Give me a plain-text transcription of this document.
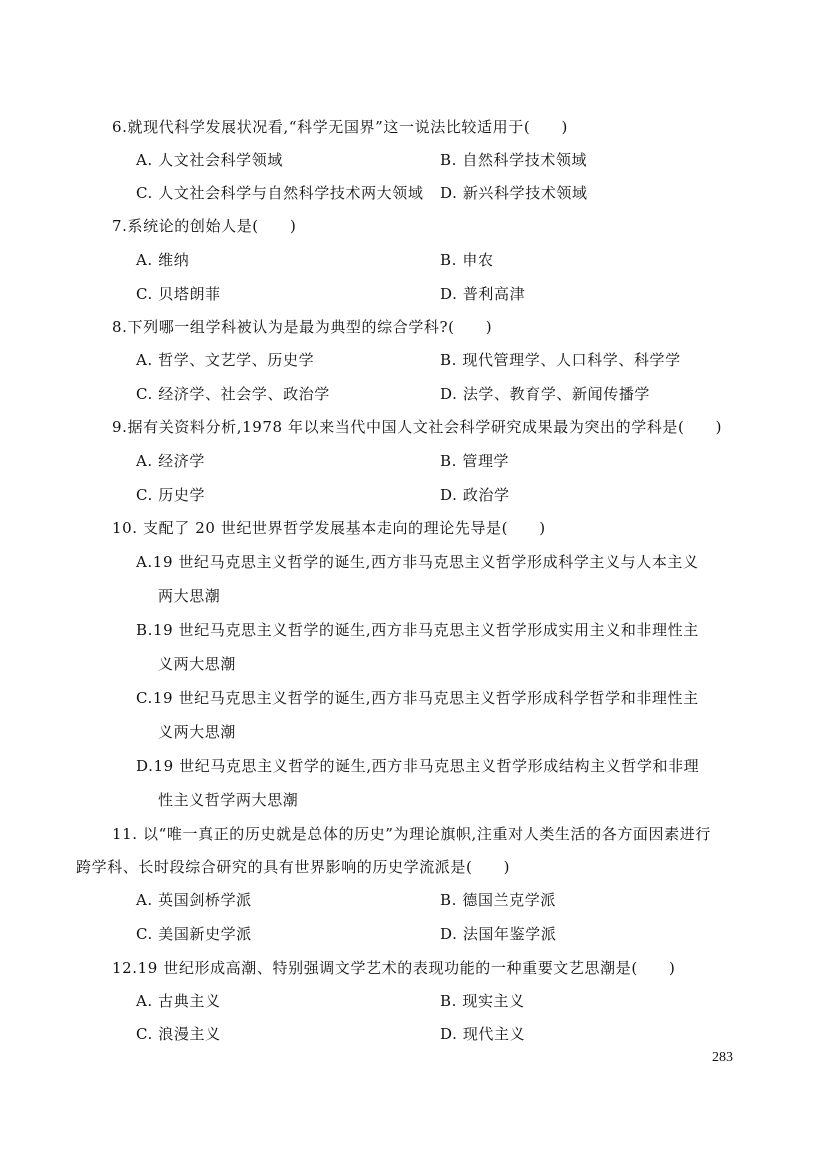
6.就现代科学发展状况看,“科学无国界”这一说法比较适用于(　　)
A. 人文社会科学领域	B. 自然科学技术领域
C. 人文社会科学与自然科学技术两大领域 D. 新兴科学技术领域
7.系统论的创始人是(　　)
A. 维纳	B. 申农
C. 贝塔朗菲	D. 普利高津
8.下列哪一组学科被认为是最为典型的综合学科?(　　)
A. 哲学、文艺学、历史学	B. 现代管理学、人口科学、科学学
C. 经济学、社会学、政治学	D. 法学、教育学、新闻传播学
9.据有关资料分析,1978 年以来当代中国人文社会科学研究成果最为突出的学科是(　　)
A. 经济学	B. 管理学
C. 历史学	D. 政治学
10. 支配了 20 世纪世界哲学发展基本走向的理论先导是(　　)
A.19 世纪马克思主义哲学的诞生,西方非马克思主义哲学形成科学主义与人本主义
两大思潮
B.19 世纪马克思主义哲学的诞生,西方非马克思主义哲学形成实用主义和非理性主
义两大思潮
C.19 世纪马克思主义哲学的诞生,西方非马克思主义哲学形成科学哲学和非理性主
义两大思潮
D.19 世纪马克思主义哲学的诞生,西方非马克思主义哲学形成结构主义哲学和非理
性主义哲学两大思潮
11. 以“唯一真正的历史就是总体的历史”为理论旗帜,注重对人类生活的各方面因素进行
跨学科、长时段综合研究的具有世界影响的历史学流派是(　　)
A. 英国剑桥学派	B. 德国兰克学派
C. 美国新史学派	D. 法国年鉴学派
12.19 世纪形成高潮、特别强调文学艺术的表现功能的一种重要文艺思潮是(　　)
A. 古典主义	B. 现实主义
C. 浪漫主义	D. 现代主义
283
